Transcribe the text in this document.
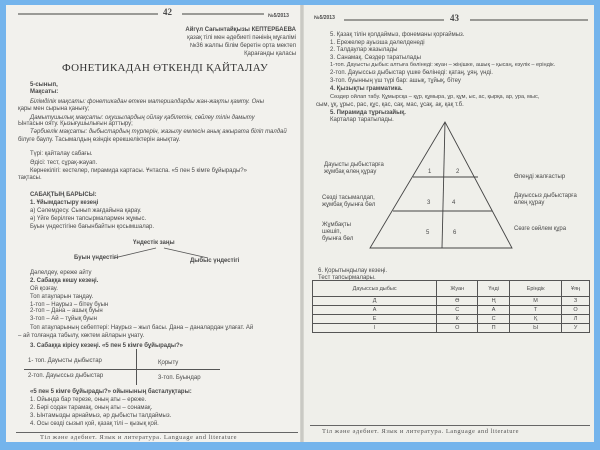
42	№5/2013
Айгүл Сағынтайқызы КЕПТЕРБАЕВА
қазақ тілі мен әдебиеті пәнінің мұғалімі
№36 жалпы білім беретін орта мектеп
Қарағанды қаласы
ФОНЕТИКАДАН ӨТКЕНДІ ҚАЙТАЛАУ
5-сынып,
Мақсаты:
Білімділік мақсаты: фонетикадан өткен материалдарды жан-жақты қамту. Оны
қары мен сырына қанығу;
Дамытушылық мақсаты: оқушылардың ойлау қабілетін, сөйлеу тілін дамыту
Ынтасын ояту. Қызығушылығын арттыру;
Тәрбиелік мақсаты: дыбыстардың түрлерін, жазылу емлесін анық ажырата біліп талдай
білуге баулу. Тасымалдың өзіндік ерекшеліктерін анықтау.
Түрі: қайталау сабағы.
Әдісі: тест, сұрақ-жауап.
Көрнекілігі: кестелер, пирамида картасы. Ұнтаспа. «5 пен 5 кімге бұйырады?»
тақтасы.
САБАҚТЫҢ БАРЫСЫ:
1. Ұйымдастыру кезеңі
а) Сәлемдесу. Сынып жағдайына қарау.
ә) Үйге берілген тапсырмалармен жұмыс.
Буын үндестігіне бағынбайтын қосымшалар.
Үндестік заңы
Буын үндестігі	Дыбыс үндестігі
Дәлелдеу, ереже айту
2. Сабаққа кешу кезеңі.
Ой қозғау.
Топ атауларын таңдау.
1-топ – Наурыз – бітеу буын
2-топ – Дана – ашық буын
3-топ – Ай – тұйық буын
Топ атауларының себептері: Наурыз – жыл басы. Дана – даналардан ұлағат. Ай
– ай толғанда табылу, көктем айларын ұнату.
3. Сабаққа кірісу кезеңі. «5 пен 5 кімге бұйырады?»
1- топ. Дауысты дыбыстар	Қорыту
2-топ. Дауыссыз дыбыстар	3-топ. Буындар
«5 пен 5 кімге бұйырады?» ойынының басталуқтары:
1. Ойында бар терезе, оның аты – ереже.
2. Бәрі содан тарамақ, оның аты – сонамақ.
3. Ынтамызды арнаймыз, әр дыбысты талдаймыз.
4. Осы сөзді сызып қой, қазақ тілі – қызық қой.
Тіл және әдебиет. Язык и литература. Language and literature
№5/2013	43
5. Қазақ тілін қолдаймыз, фонеманы қорғаймыз.
1. Ережелер ауызша дәлелденеді
2. Талдаулар жазылады
3. Санамақ. Сөздер таратылады
1-топ. Дауысты дыбыс алтыға бөлінеді: жуан – жіңішке, ашық – қысаң, езулік – еріндік.
2-топ. Дауыссыз дыбыстар үшке бөлінеді: қатаң, ұяң, үнді.
3-топ. буынның үш түрі бар: ашық, тұйық, бітеу
4. Қызықты грамматика.
Сөздер ойлап табу. Құмырсқа – құр, құмыра, ұр, құм, ыс, ас, қырқа, ар, ура, мыс,
сым, ұқ, ұрыс, рас, құс, қас, сақ, мас, ұсақ, ақ, қақ т.б.
5. Пирамида тұрғызайық.
Карталар таратылады.
1	2
3	4
5	6
Дауысты дыбыстарға жұмбақ өлең құрау
Сөзді тасымалдап, жұмбақ буынға бөл
Жұмбақты шешіп, буынға бөл
Өлеңді жалғастыр
Дауыссыз дыбыстарға өлең құрау
Сөзге сөйлем құра
6. Қорытындылау кезеңі.
Тест тапсырмалары.
Дауыссыз дыбыс	Жуан	Үнді	Еріндік	Ұяң
Д	Ө	Ң	М	З
А	С	А	Т	О
Е	К	С	Қ	Л
І	О	П	Ы	У
Тіл және әдебиет. Язык и литература. Language and literature
